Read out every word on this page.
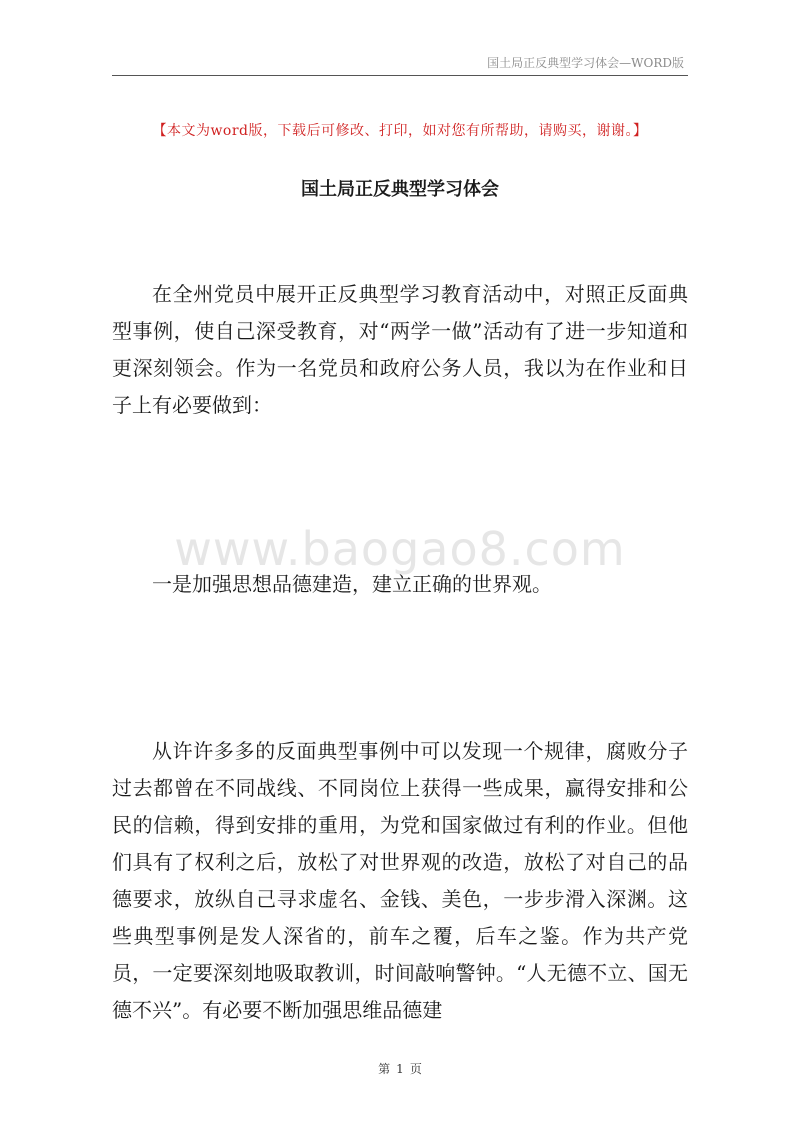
国土局正反典型学习体会—WORD版
【本文为word版，下载后可修改、打印，如对您有所帮助，请购买，谢谢。】
国土局正反典型学习体会

在全州党员中展开正反典型学习教育活动中，对照正反面典型事例，使自己深受教育，对“两学一做”活动有了进一步知道和更深刻领会。作为一名党员和政府公务人员，我以为在作业和日子上有必要做到：

www.baogao8.com

一是加强思想品德建造，建立正确的世界观。

从许许多多的反面典型事例中可以发现一个规律，腐败分子过去都曾在不同战线、不同岗位上获得一些成果，赢得安排和公民的信赖，得到安排的重用，为党和国家做过有利的作业。但他们具有了权利之后，放松了对世界观的改造，放松了对自己的品德要求，放纵自己寻求虚名、金钱、美色，一步步滑入深渊。这些典型事例是发人深省的，前车之覆，后车之鉴。作为共产党员，一定要深刻地吸取教训，时间敲响警钟。“人无德不立、国无德不兴”。有必要不断加强思维品德建

第 1 页
